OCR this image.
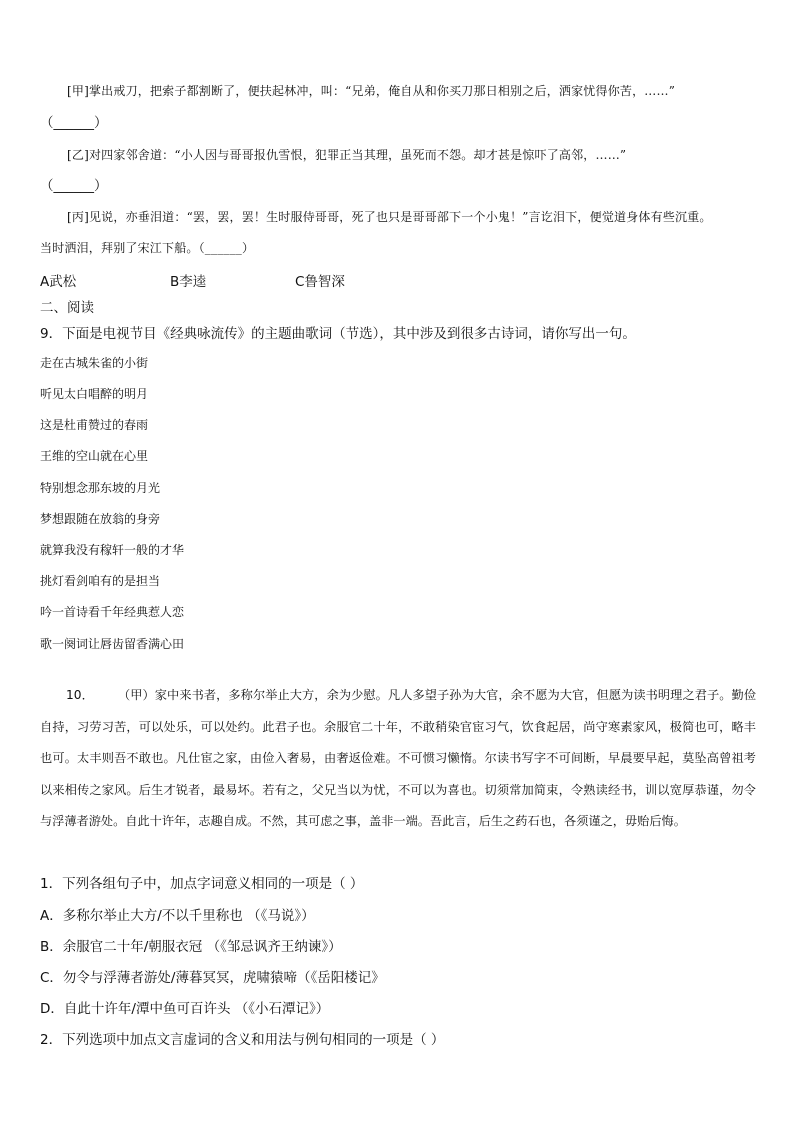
[甲]掌出戒刀，把索子都割断了，便扶起林冲，叫：“兄弟，俺自从和你买刀那日相别之后，洒家忧得你苦，……”
（______）
[乙]对四家邻舍道：“小人因与哥哥报仇雪恨，犯罪正当其理，虽死而不怨。却才甚是惊吓了高邻，……”
（______）
[丙]见说，亦垂泪道：“罢，罢，罢！生时服侍哥哥，死了也只是哥哥部下一个小鬼！”言讫泪下，便觉道身体有些沉重。
当时洒泪，拜别了宋江下船。（______）
A武松	B李逵	C鲁智深
二、阅读
9．下面是电视节目《经典咏流传》的主题曲歌词（节选），其中涉及到很多古诗词，请你写出一句。
走在古城朱雀的小街
听见太白唱醉的明月
这是杜甫赞过的春雨
王维的空山就在心里
特别想念那东坡的月光
梦想跟随在放翁的身旁
就算我没有稼轩一般的才华
挑灯看剑咱有的是担当
吟一首诗看千年经典惹人恋
歌一阕词让唇齿留香满心田
10． （甲）家中来书者，多称尔举止大方，余为少慰。凡人多望子孙为大官，余不愿为大官，但愿为读书明理之君子。勤俭自持，习劳习苦，可以处乐，可以处约。此君子也。余服官二十年，不敢稍染官宦习气，饮食起居，尚守寒素家风，极简也可，略丰也可。太丰则吾不敢也。凡仕宦之家，由俭入奢易，由奢返俭难。不可惯习懒惰。尔读书写字不可间断，早晨要早起，莫坠高曾祖考以来相传之家风。后生才锐者，最易坏。若有之，父兄当以为忧，不可以为喜也。切须常加简束，令熟读经书，训以宽厚恭谨，勿令与浮薄者游处。自此十许年，志趣自成。不然，其可虑之事，盖非一端。吾此言，后生之药石也，各须谨之，毋贻后悔。
1．下列各组句子中，加点字词意义相同的一项是（ ）
A．多称尔举止大方/不以千里称也 （《马说》）
B．余服官二十年/朝服衣冠 （《邹忌讽齐王纳谏》）
C．勿令与浮薄者游处/薄暮冥冥，虎啸猿啼（《岳阳楼记》
D．自此十许年/潭中鱼可百许头 （《小石潭记》）
2．下列选项中加点文言虚词的含义和用法与例句相同的一项是（ ）
